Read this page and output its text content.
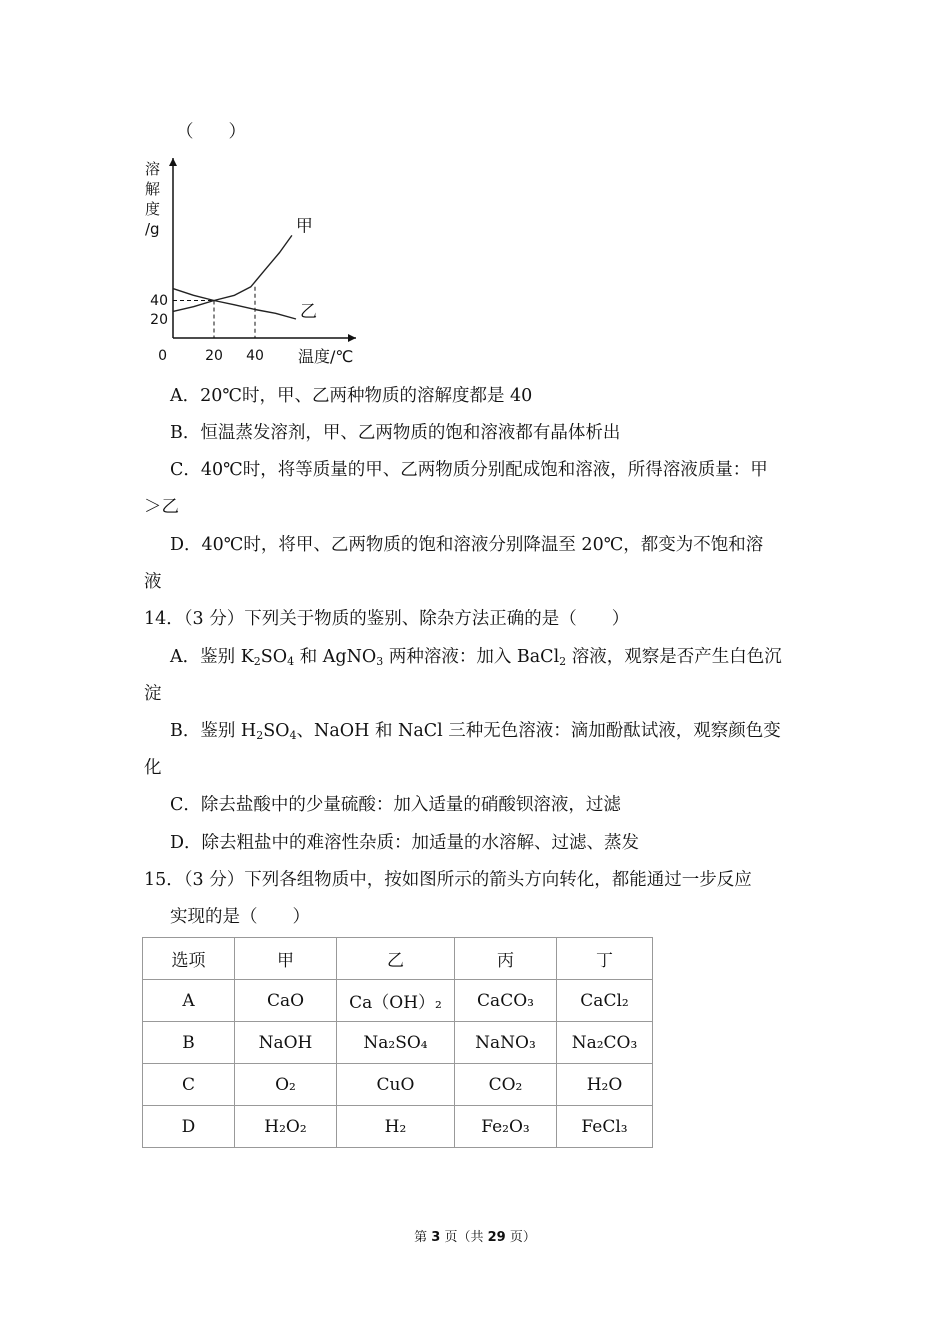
（　　）
甲
乙
溶
解
度
/g
20
40
20 40
0	温度/℃
A．20℃时，甲、乙两种物质的溶解度都是 40
B．恒温蒸发溶剂，甲、乙两物质的饱和溶液都有晶体析出
C．40℃时，将等质量的甲、乙两物质分别配成饱和溶液，所得溶液质量：甲
＞乙
D．40℃时，将甲、乙两物质的饱和溶液分别降温至 20℃，都变为不饱和溶
液
14．（3 分）下列关于物质的鉴别、除杂方法正确的是（　　）
A．鉴别 $K_2SO_4$ 和 AgNO$_3$ 两种溶液：加入 BaCl$_2$ 溶液，观察是否产生白色沉
淀
B．鉴别 $H_2SO_4$、NaOH 和 NaCl 三种无色溶液：滴加酚酞试液，观察颜色变
化
C．除去盐酸中的少量硫酸：加入适量的硝酸钡溶液，过滤
D．除去粗盐中的难溶性杂质：加适量的水溶解、过滤、蒸发
15．（3 分）下列各组物质中，按如图所示的箭头方向转化，都能通过一步反应
实现的是（　　）
选项	甲	乙	丙	丁
A	CaO	Ca（OH）₂	CaCO₃	CaCl₂
B	NaOH	Na₂SO₄	NaNO₃	Na₂CO₃
C	O₂	CuO	CO₂	H₂O
D	H₂O₂	H₂	Fe₂O₃	FeCl₃
第 3 页（共 29 页）
